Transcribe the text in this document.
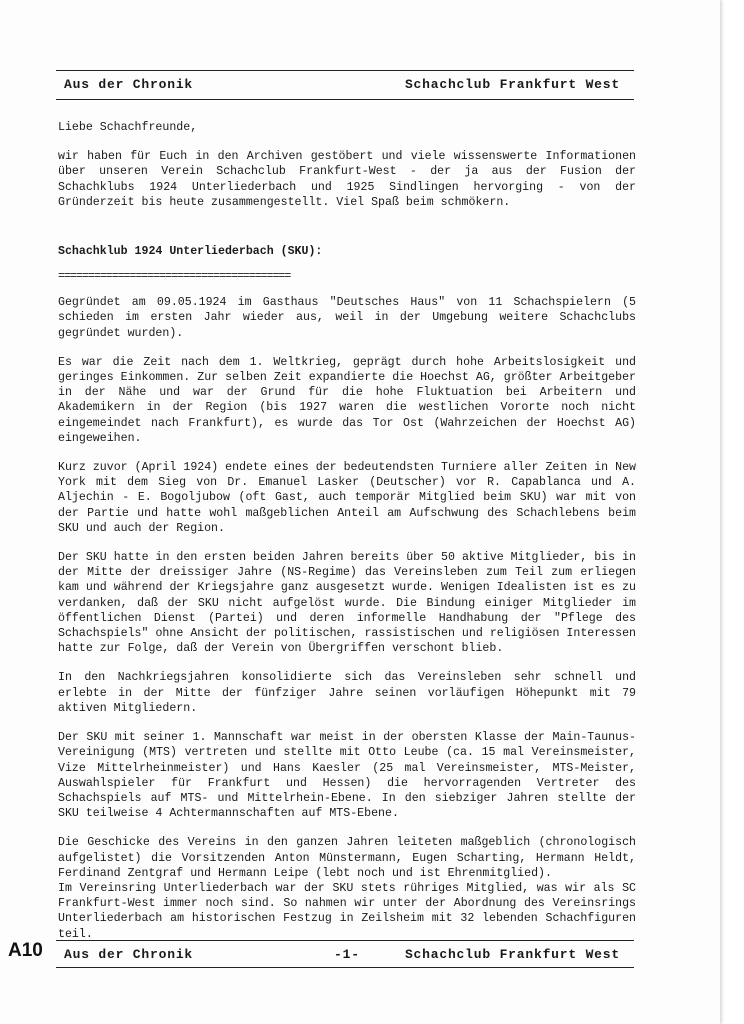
Aus der Chronik	Schachclub Frankfurt West

Liebe Schachfreunde,

wir haben für Euch in den Archiven gestöbert und viele wissenswerte Informationen über unseren Verein Schachclub Frankfurt-West - der ja aus der Fusion der Schachklubs 1924 Unterliederbach und 1925 Sindlingen hervorging - von der Gründerzeit bis heute zusammengestellt. Viel Spaß beim schmökern.

Schachklub 1924 Unterliederbach (SKU):

=======================================

Gegründet am 09.05.1924 im Gasthaus "Deutsches Haus" von 11 Schachspielern (5 schieden im ersten Jahr wieder aus, weil in der Umgebung weitere Schachclubs gegründet wurden).

Es war die Zeit nach dem 1. Weltkrieg, geprägt durch hohe Arbeitslosigkeit und geringes Einkommen. Zur selben Zeit expandierte die Hoechst AG, größter Arbeitgeber in der Nähe und war der Grund für die hohe Fluktuation bei Arbeitern und Akademikern in der Region (bis 1927 waren die westlichen Vororte noch nicht eingemeindet nach Frankfurt), es wurde das Tor Ost (Wahrzeichen der Hoechst AG) eingeweihen.

Kurz zuvor (April 1924) endete eines der bedeutendsten Turniere aller Zeiten in New York mit dem Sieg von Dr. Emanuel Lasker (Deutscher) vor R. Capablanca und A. Aljechin - E. Bogoljubow (oft Gast, auch temporär Mitglied beim SKU) war mit von der Partie und hatte wohl maßgeblichen Anteil am Aufschwung des Schachlebens beim SKU und auch der Region.

Der SKU hatte in den ersten beiden Jahren bereits über 50 aktive Mitglieder, bis in der Mitte der dreissiger Jahre (NS-Regime) das Vereinsleben zum Teil zum erliegen kam und während der Kriegsjahre ganz ausgesetzt wurde. Wenigen Idealisten ist es zu verdanken, daß der SKU nicht aufgelöst wurde. Die Bindung einiger Mitglieder im öffentlichen Dienst (Partei) und deren informelle Handhabung der "Pflege des Schachspiels" ohne Ansicht der politischen, rassistischen und religiösen Interessen hatte zur Folge, daß der Verein von Übergriffen verschont blieb.

In den Nachkriegsjahren konsolidierte sich das Vereinsleben sehr schnell und erlebte in der Mitte der fünfziger Jahre seinen vorläufigen Höhepunkt mit 79 aktiven Mitgliedern.

Der SKU mit seiner 1. Mannschaft war meist in der obersten Klasse der Main-Taunus-Vereinigung (MTS) vertreten und stellte mit Otto Leube (ca. 15 mal Vereinsmeister, Vize Mittelrheinmeister) und Hans Kaesler (25 mal Vereinsmeister, MTS-Meister, Auswahlspieler für Frankfurt und Hessen) die hervorragenden Vertreter des Schachspiels auf MTS- und Mittelrhein-Ebene. In den siebziger Jahren stellte der SKU teilweise 4 Achtermannschaften auf MTS-Ebene.

Die Geschicke des Vereins in den ganzen Jahren leiteten maßgeblich (chronologisch aufgelistet) die Vorsitzenden Anton Münstermann, Eugen Scharting, Hermann Heldt, Ferdinand Zentgraf und Hermann Leipe (lebt noch und ist Ehrenmitglied).

Im Vereinsring Unterliederbach war der SKU stets rühriges Mitglied, was wir als SC Frankfurt-West immer noch sind. So nahmen wir unter der Abordnung des Vereinsrings Unterliederbach am historischen Festzug in Zeilsheim mit 32 lebenden Schachfiguren teil.

A10 Aus der Chronik	-1-	Schachclub Frankfurt West
